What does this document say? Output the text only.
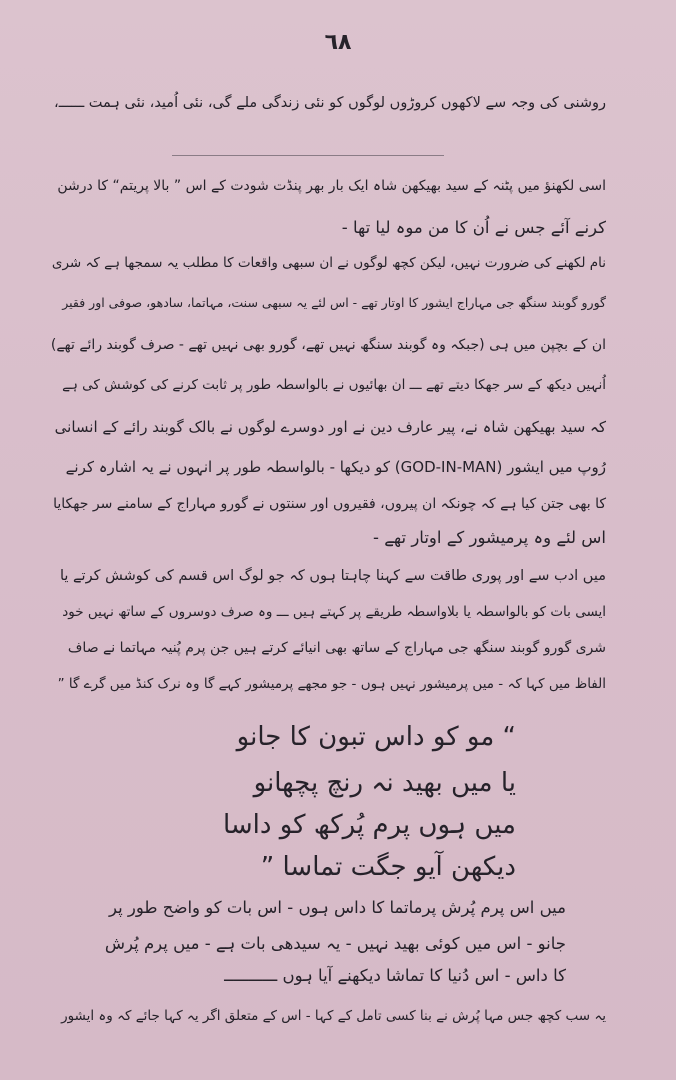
٦٨
روشنی کی وجہ سے لاکھوں کروڑوں لوگوں کو نئی زندگی ملے گی، نئی اُمید، نئی ہمت ــــــ،
اسی لکھنؤ میں پٹنہ کے سید بھیکھن شاہ ایک بار بھر پنڈت شودت کے اس ” بالا پریتم“ کا درشن
کرنے آئے جس نے اُن کا من موہ لیا تھا -
نام لکھنے کی ضرورت نہیں، لیکن کچھ لوگوں نے ان سبھی واقعات کا مطلب یہ سمجھا ہے کہ شری
گورو گوبند سنگھ جی مہاراج ایشور کا اوتار تھے - اس لئے یہ سبھی سنت، مہاتما، سادھو، صوفی اور فقیر
ان کے بچپن میں ہی (جبکہ وہ گوبند سنگھ نہیں تھے، گورو بھی نہیں تھے - صرف گوبند رائے تھے)
اُنہیں دیکھ کے سر جھکا دیتے تھے ـــ ان بھائیوں نے بالواسطہ طور پر ثابت کرنے کی کوشش کی ہے
کہ سید بھیکھن شاہ نے، پیر عارف دین نے اور دوسرے لوگوں نے بالک گوبند رائے کے انسانی
رُوپ میں ایشور (GOD-IN-MAN) کو دیکھا - بالواسطہ طور پر انہوں نے یہ اشارہ کرنے
کا بھی جتن کیا ہے کہ چونکہ ان پیروں، فقیروں اور سنتوں نے گورو مہاراج کے سامنے سر جھکایا
اس لئے وہ پرمیشور کے اوتار تھے -
میں ادب سے اور پوری طاقت سے کہنا چاہتا ہوں کہ جو لوگ اس قسم کی کوشش کرتے یا
ایسی بات کو بالواسطہ یا بلاواسطہ طریقے پر کہتے ہیں ـــ وہ صرف دوسروں کے ساتھ نہیں خود
شری گورو گوبند سنگھ جی مہاراج کے ساتھ بھی انیائے کرتے ہیں جن پرم پُنیہ مہاتما نے صاف
الفاظ میں کہا کہ - میں پرمیشور نہیں ہوں - جو مجھے پرمیشور کہے گا وہ نرک کنڈ میں گرے گا ”
“ مو کو داس تبون کا جانو
یا میں بھید نہ رنچ پچھانو
میں ہوں پرم پُرکھ کو داسا
دیکھن آیو جگت تماسا ”
میں اس پرم پُرش پرماتما کا داس ہوں - اس بات کو واضح طور پر
جانو - اس میں کوئی بھید نہیں - یہ سیدھی بات ہے - میں پرم پُرش
کا داس - اس دُنیا کا تماشا دیکھنے آیا ہوں ـــــــــــ
یہ سب کچھ جس مہا پُرش نے بنا کسی تامل کے کہا - اس کے متعلق اگر یہ کہا جائے کہ وہ ایشور
